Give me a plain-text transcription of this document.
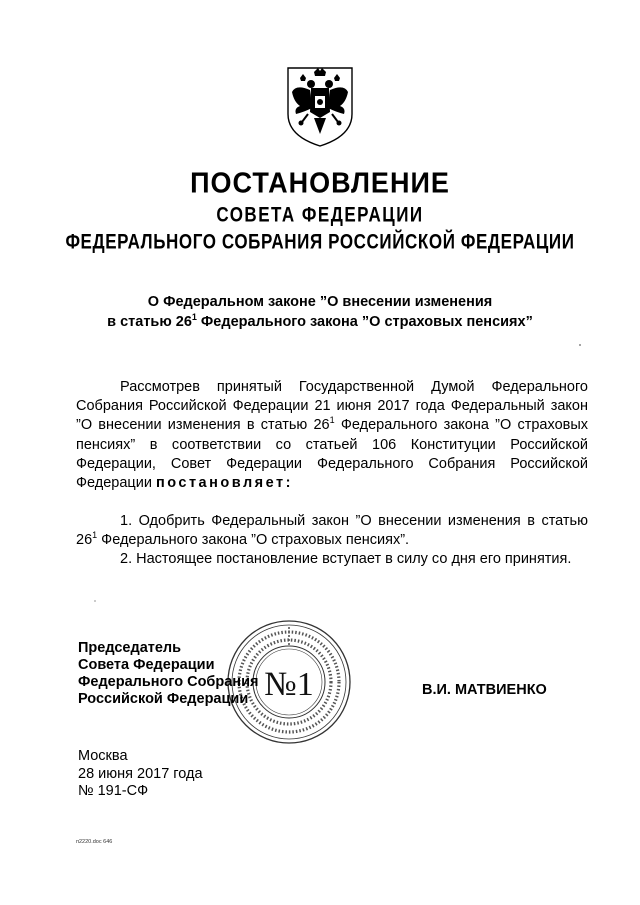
ПОСТАНОВЛЕНИЕ
СОВЕТА ФЕДЕРАЦИИ
ФЕДЕРАЛЬНОГО СОБРАНИЯ РОССИЙСКОЙ ФЕДЕРАЦИИ
О Федеральном законе ”О внесении изменения
в статью $26^1$ Федерального закона ”О страховых пенсиях”
Рассмотрев принятый Государственной Думой Федерального Собрания Российской Федерации 21 июня 2017 года Федеральный закон ”О внесении изменения в статью $26^1$ Федерального закона ”О страховых пенсиях” в соответствии со статьей 106 Конституции Российской Федерации, Совет Федерации Федерального Собрания Российской Федерации постановляет:
1. Одобрить Федеральный закон ”О внесении изменения в статью $26^1$ Федерального закона ”О страховых пенсиях”.
2. Настоящее постановление вступает в силу со дня его принятия.
№1
Председатель
Совета Федерации
Федерального Собрания
Российской Федерации
В.И. МАТВИЕНКО
Москва
28 июня 2017 года
№ 191-СФ
п2220.doc 646
